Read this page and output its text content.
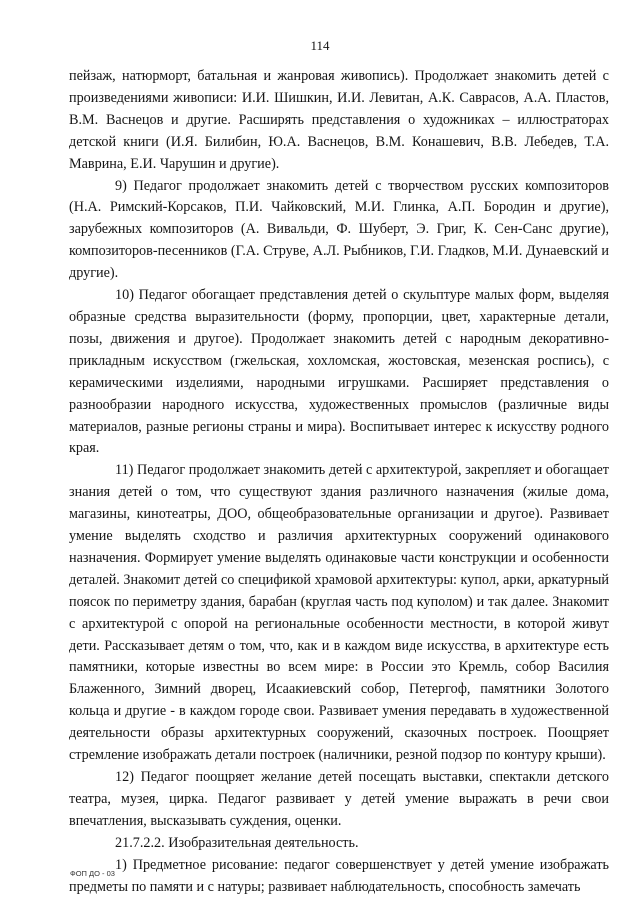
114

пейзаж, натюрморт, батальная и жанровая живопись). Продолжает знакомить детей с произведениями живописи: И.И. Шишкин, И.И. Левитан, А.К. Саврасов, А.А. Пластов, В.М. Васнецов и другие. Расширять представления о художниках – иллюстраторах детской книги (И.Я. Билибин, Ю.А. Васнецов, В.М. Конашевич, В.В. Лебедев, Т.А. Маврина, Е.И. Чарушин и другие).

9) Педагог продолжает знакомить детей с творчеством русских композиторов (Н.А. Римский-Корсаков, П.И. Чайковский, М.И. Глинка, А.П. Бородин и другие), зарубежных композиторов (А. Вивальди, Ф. Шуберт, Э. Григ, К. Сен-Санс другие), композиторов-песенников (Г.А. Струве, А.Л. Рыбников, Г.И. Гладков, М.И. Дунаевский и другие).

10) Педагог обогащает представления детей о скульптуре малых форм, выделяя образные средства выразительности (форму, пропорции, цвет, характерные детали, позы, движения и другое). Продолжает знакомить детей с народным декоративно-прикладным искусством (гжельская, хохломская, жостовская, мезенская роспись), с керамическими изделиями, народными игрушками. Расширяет представления о разнообразии народного искусства, художественных промыслов (различные виды материалов, разные регионы страны и мира). Воспитывает интерес к искусству родного края.

11) Педагог продолжает знакомить детей с архитектурой, закрепляет и обогащает знания детей о том, что существуют здания различного назначения (жилые дома, магазины, кинотеатры, ДОО, общеобразовательные организации и другое). Развивает умение выделять сходство и различия архитектурных сооружений одинакового назначения. Формирует умение выделять одинаковые части конструкции и особенности деталей. Знакомит детей со спецификой храмовой архитектуры: купол, арки, аркатурный поясок по периметру здания, барабан (круглая часть под куполом) и так далее. Знакомит с архитектурой с опорой на региональные особенности местности, в которой живут дети. Рассказывает детям о том, что, как и в каждом виде искусства, в архитектуре есть памятники, которые известны во всем мире: в России это Кремль, собор Василия Блаженного, Зимний дворец, Исаакиевский собор, Петергоф, памятники Золотого кольца и другие - в каждом городе свои. Развивает умения передавать в художественной деятельности образы архитектурных сооружений, сказочных построек. Поощряет стремление изображать детали построек (наличники, резной подзор по контуру крыши).

12) Педагог поощряет желание детей посещать выставки, спектакли детского театра, музея, цирка. Педагог развивает у детей умение выражать в речи свои впечатления, высказывать суждения, оценки.

21.7.2.2. Изобразительная деятельность.

1) Предметное рисование: педагог совершенствует у детей умение изображать предметы по памяти и с натуры; развивает наблюдательность, способность замечать

ФОП ДО - 03
